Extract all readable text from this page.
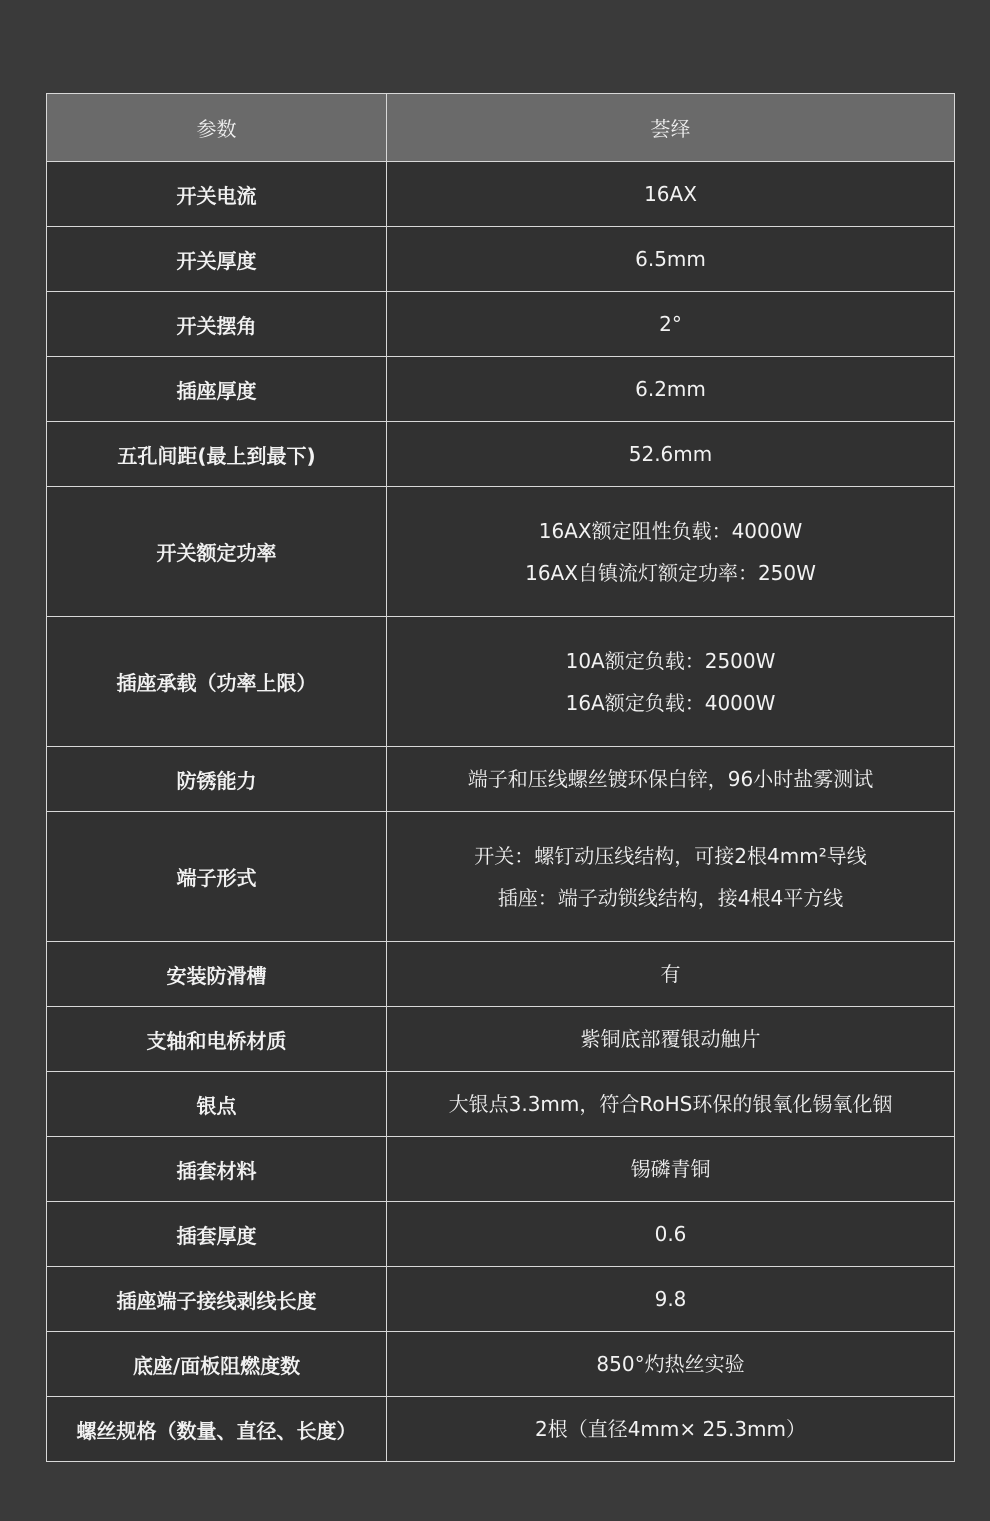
参数	荟绎
开关电流	16AX

开关厚度	6.5mm

开关摆角	2°

插座厚度	6.2mm

五孔间距(最上到最下)	52.6mm

开关额定功率	16AX额定阻性负载：4000W
16AX自镇流灯额定功率：250W

插座承载（功率上限）	10A额定负载：2500W
16A额定负载：4000W

防锈能力	端子和压线螺丝镀环保白锌，96小时盐雾测试

端子形式	开关：螺钉动压线结构，可接2根4mm²导线
插座：端子动锁线结构，接4根4平方线

安装防滑槽	有

支轴和电桥材质	紫铜底部覆银动触片

银点	大银点3.3mm，符合RoHS环保的银氧化锡氧化铟

插套材料	锡磷青铜

插套厚度	0.6

插座端子接线剥线长度	9.8

底座/面板阻燃度数	850°灼热丝实验

螺丝规格（数量、直径、长度）	2根（直径4mm× 25.3mm）
